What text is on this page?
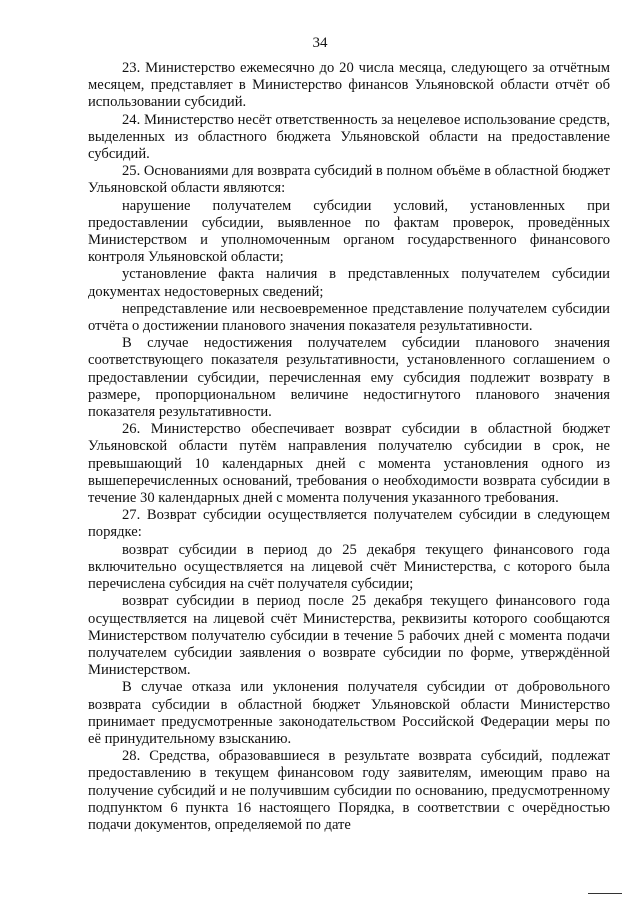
34

23. Министерство ежемесячно до 20 числа месяца, следующего за отчётным месяцем, представляет в Министерство финансов Ульяновской области отчёт об использовании субсидий.

24. Министерство несёт ответственность за нецелевое использование средств, выделенных из областного бюджета Ульяновской области на предоставление субсидий.

25. Основаниями для возврата субсидий в полном объёме в областной бюджет Ульяновской области являются:

нарушение получателем субсидии условий, установленных при предоставлении субсидии, выявленное по фактам проверок, проведённых Министерством и уполномоченным органом государственного финансового контроля Ульяновской области;

установление факта наличия в представленных получателем субсидии документах недостоверных сведений;

непредставление или несвоевременное представление получателем субсидии отчёта о достижении планового значения показателя результативности.

В случае недостижения получателем субсидии планового значения соответствующего показателя результативности, установленного соглашением о предоставлении субсидии, перечисленная ему субсидия подлежит возврату в размере, пропорциональном величине недостигнутого планового значения показателя результативности.

26. Министерство обеспечивает возврат субсидии в областной бюджет Ульяновской области путём направления получателю субсидии в срок, не превышающий 10 календарных дней с момента установления одного из вышеперечисленных оснований, требования о необходимости возврата субсидии в течение 30 календарных дней с момента получения указанного требования.

27. Возврат субсидии осуществляется получателем субсидии в следующем порядке:

возврат субсидии в период до 25 декабря текущего финансового года включительно осуществляется на лицевой счёт Министерства, с которого была перечислена субсидия на счёт получателя субсидии;

возврат субсидии в период после 25 декабря текущего финансового года осуществляется на лицевой счёт Министерства, реквизиты которого сообщаются Министерством получателю субсидии в течение 5 рабочих дней с момента подачи получателем субсидии заявления о возврате субсидии по форме, утверждённой Министерством.

В случае отказа или уклонения получателя субсидии от добровольного возврата субсидии в областной бюджет Ульяновской области Министерство принимает предусмотренные законодательством Российской Федерации меры по её принудительному взысканию.

28. Средства, образовавшиеся в результате возврата субсидий, подлежат предоставлению в текущем финансовом году заявителям, имеющим право на получение субсидий и не получившим субсидии по основанию, предусмотренному подпунктом 6 пункта 16 настоящего Порядка, в соответствии с очерёдностью подачи документов, определяемой по дате
